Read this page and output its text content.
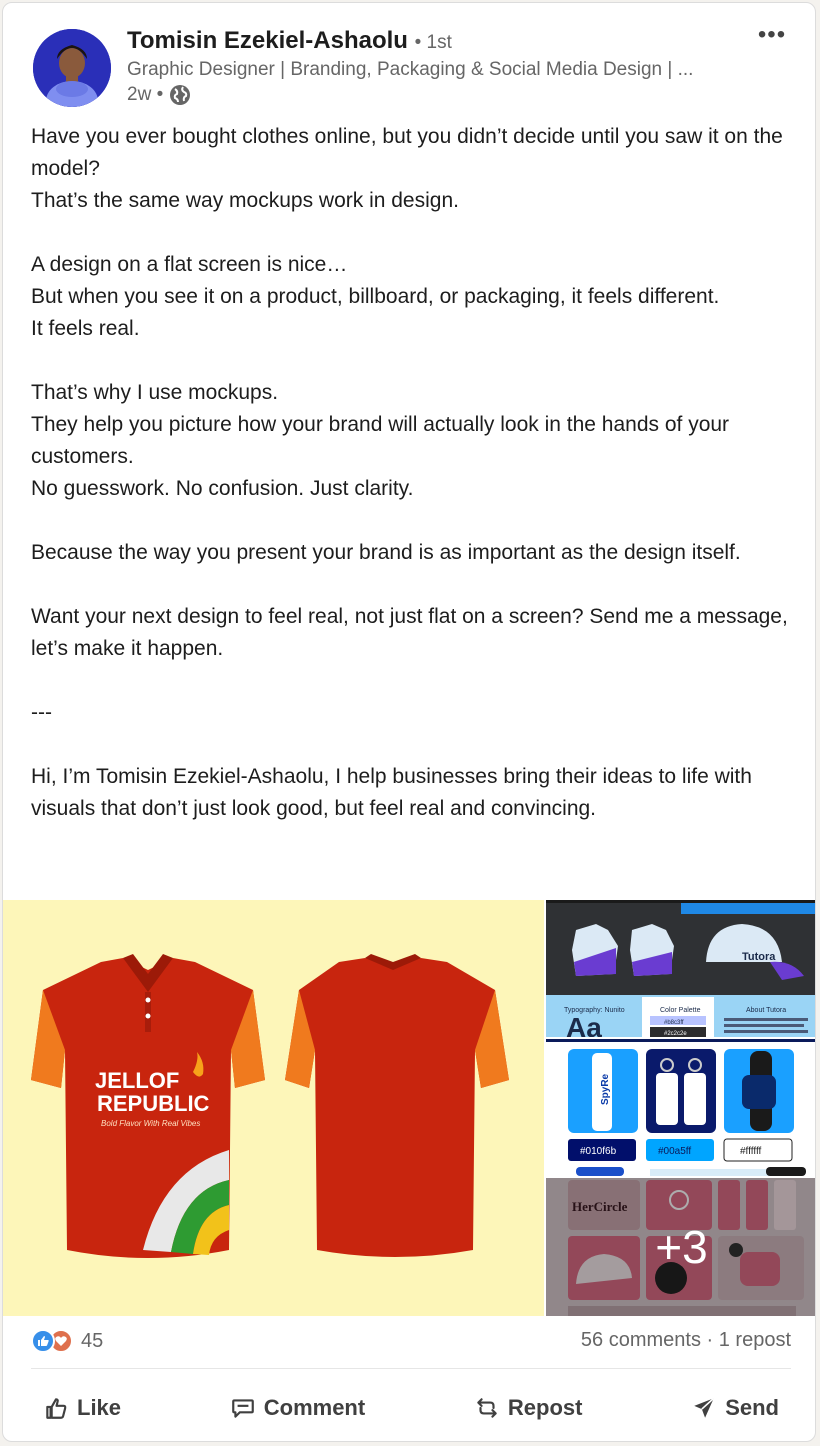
Tomisin Ezekiel-Ashaolu • 1st
Graphic Designer | Branding, Packaging & Social Media Design | ...
2w •
•••

Have you ever bought clothes online, but you didn’t decide until you saw it on the model?
That’s the same way mockups work in design.

A design on a flat screen is nice…
But when you see it on a product, billboard, or packaging, it feels different.
It feels real.

That’s why I use mockups.
They help you picture how your brand will actually look in the hands of your customers.
No guesswork. No confusion. Just clarity.

Because the way you present your brand is as important as the design itself.

Want your next design to feel real, not just flat on a screen? Send me a message, let’s make it happen.

---

Hi, I’m Tomisin Ezekiel-Ashaolu, I help businesses bring their ideas to life with visuals that don’t just look good, but feel real and convincing.

JELLOF
REPUBLIC
Bold Flavor With Real Vibes
Tutora
Typography: Nunito
Aa
Color Palette
#b8c3ff
#2c2c2e
About Tutora
SpyRe
#010f6b	#00a5ff	#ffffff
HerCircle
+3
45	56 comments · 1 repost
Like	Comment	Repost	Send
